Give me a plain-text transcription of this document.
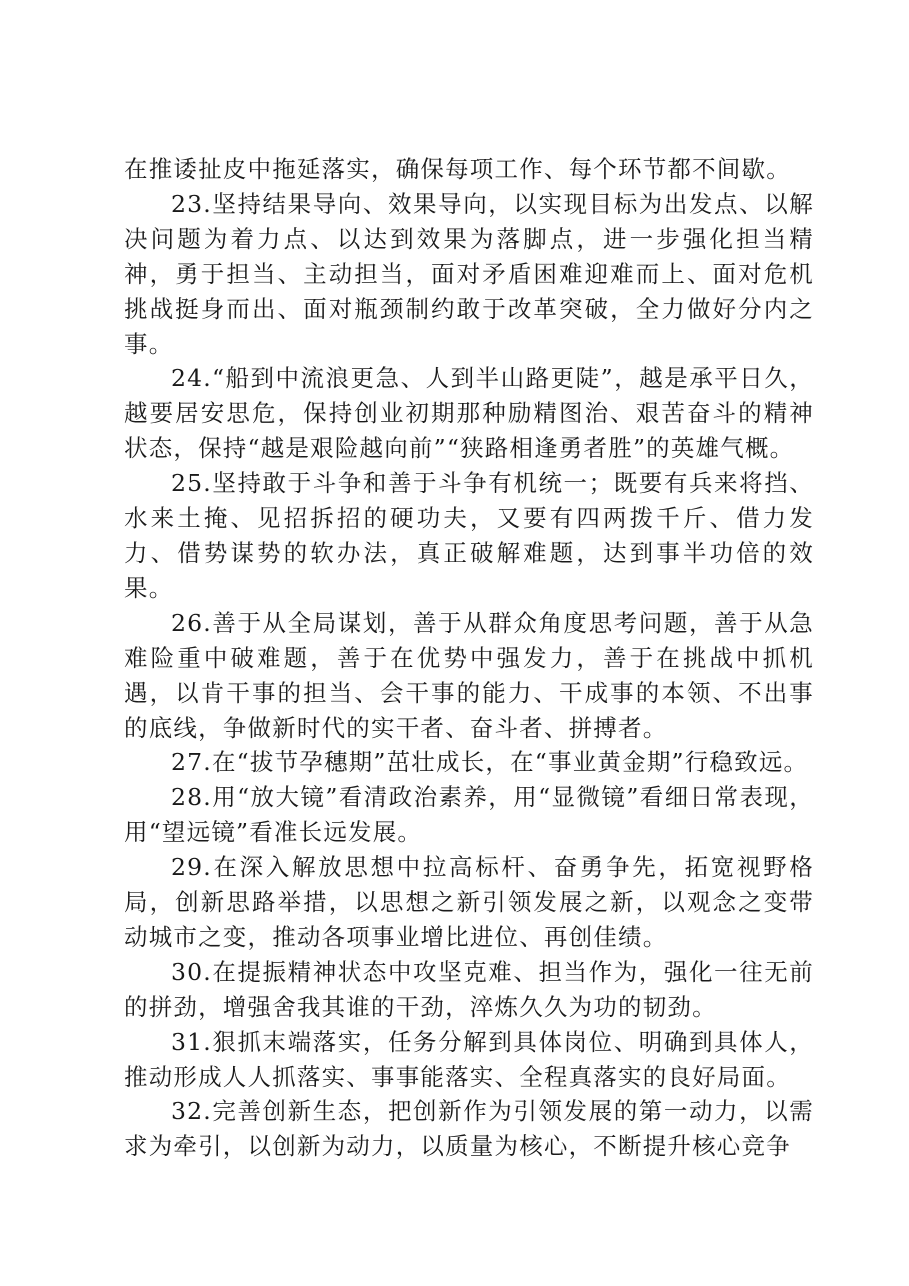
在推诿扯皮中拖延落实，确保每项工作、每个环节都不间歇。

23.坚持结果导向、效果导向，以实现目标为出发点、以解决问题为着力点、以达到效果为落脚点，进一步强化担当精神，勇于担当、主动担当，面对矛盾困难迎难而上、面对危机挑战挺身而出、面对瓶颈制约敢于改革突破，全力做好分内之事。

24.“船到中流浪更急、人到半山路更陡”，越是承平日久，越要居安思危，保持创业初期那种励精图治、艰苦奋斗的精神状态，保持“越是艰险越向前”“狭路相逢勇者胜”的英雄气概。

25.坚持敢于斗争和善于斗争有机统一；既要有兵来将挡、水来土掩、见招拆招的硬功夫，又要有四两拨千斤、借力发力、借势谋势的软办法，真正破解难题，达到事半功倍的效果。

26.善于从全局谋划，善于从群众角度思考问题，善于从急难险重中破难题，善于在优势中强发力，善于在挑战中抓机遇，以肯干事的担当、会干事的能力、干成事的本领、不出事的底线，争做新时代的实干者、奋斗者、拼搏者。

27.在“拔节孕穗期”茁壮成长，在“事业黄金期”行稳致远。

28.用“放大镜”看清政治素养，用“显微镜”看细日常表现，用“望远镜”看准长远发展。

29.在深入解放思想中拉高标杆、奋勇争先，拓宽视野格局，创新思路举措，以思想之新引领发展之新，以观念之变带动城市之变，推动各项事业增比进位、再创佳绩。

30.在提振精神状态中攻坚克难、担当作为，强化一往无前的拼劲，增强舍我其谁的干劲，淬炼久久为功的韧劲。

31.狠抓末端落实，任务分解到具体岗位、明确到具体人，推动形成人人抓落实、事事能落实、全程真落实的良好局面。

32.完善创新生态，把创新作为引领发展的第一动力，以需求为牵引，以创新为动力，以质量为核心，不断提升核心竞争
